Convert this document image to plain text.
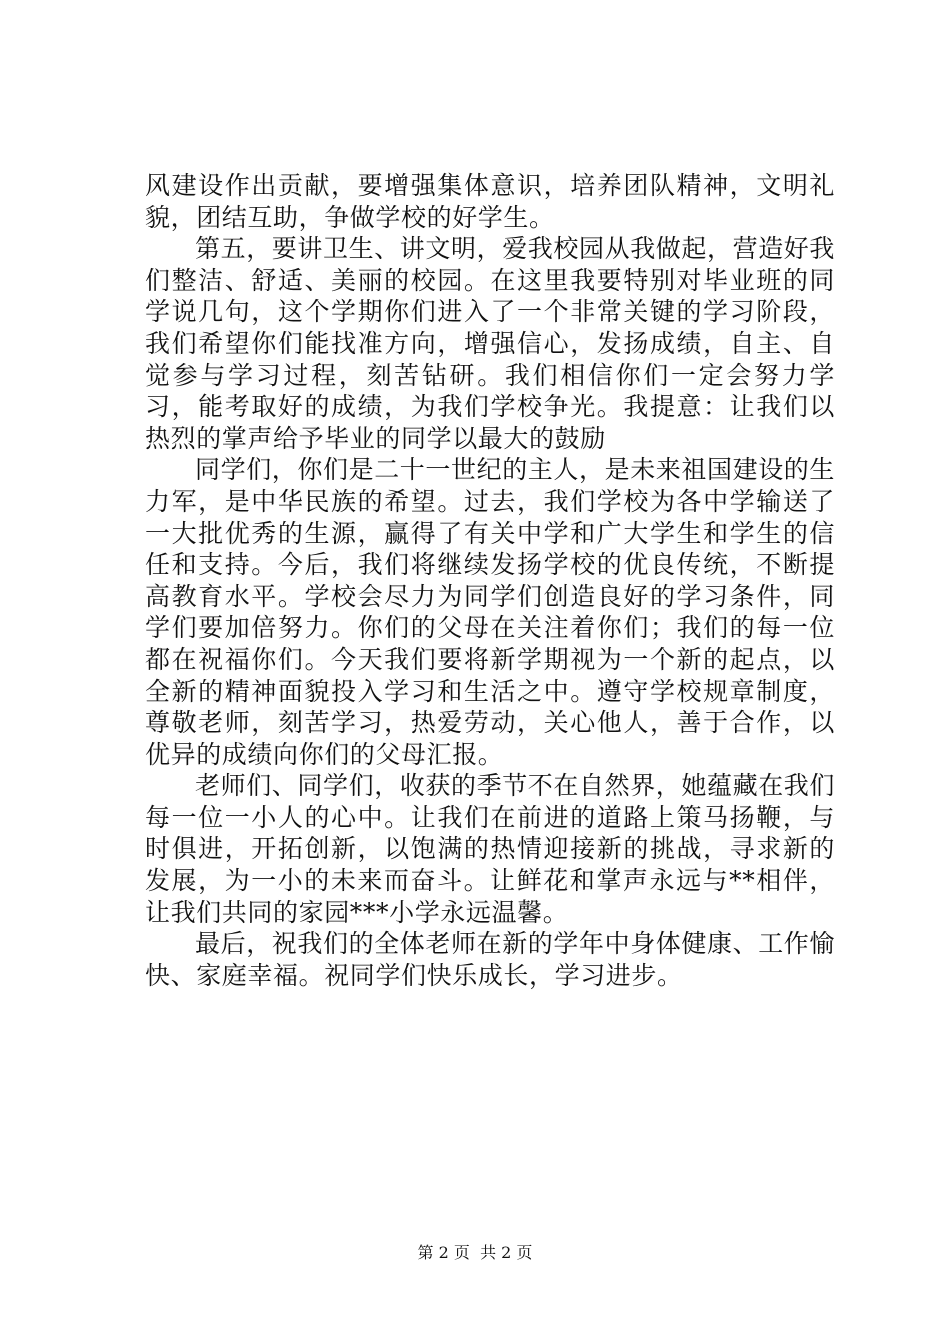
风建设作出贡献，要增强集体意识，培养团队精神，文明礼貌，团结互助，争做学校的好学生。

第五，要讲卫生、讲文明，爱我校园从我做起，营造好我们整洁、舒适、美丽的校园。在这里我要特别对毕业班的同学说几句，这个学期你们进入了一个非常关键的学习阶段，我们希望你们能找准方向，增强信心，发扬成绩，自主、自觉参与学习过程，刻苦钻研。我们相信你们一定会努力学习，能考取好的成绩，为我们学校争光。我提意：让我们以热烈的掌声给予毕业的同学以最大的鼓励

同学们，你们是二十一世纪的主人，是未来祖国建设的生力军，是中华民族的希望。过去，我们学校为各中学输送了一大批优秀的生源，赢得了有关中学和广大学生和学生的信任和支持。今后，我们将继续发扬学校的优良传统，不断提高教育水平。学校会尽力为同学们创造良好的学习条件，同学们要加倍努力。你们的父母在关注着你们；我们的每一位都在祝福你们。今天我们要将新学期视为一个新的起点，以全新的精神面貌投入学习和生活之中。遵守学校规章制度，尊敬老师，刻苦学习，热爱劳动，关心他人，善于合作，以优异的成绩向你们的父母汇报。

老师们、同学们，收获的季节不在自然界，她蕴藏在我们每一位一小人的心中。让我们在前进的道路上策马扬鞭，与时俱进，开拓创新，以饱满的热情迎接新的挑战，寻求新的发展，为一小的未来而奋斗。让鲜花和掌声永远与**相伴，让我们共同的家园***小学永远温馨。

最后，祝我们的全体老师在新的学年中身体健康、工作愉快、家庭幸福。祝同学们快乐成长，学习进步。

第 2 页  共 2 页
